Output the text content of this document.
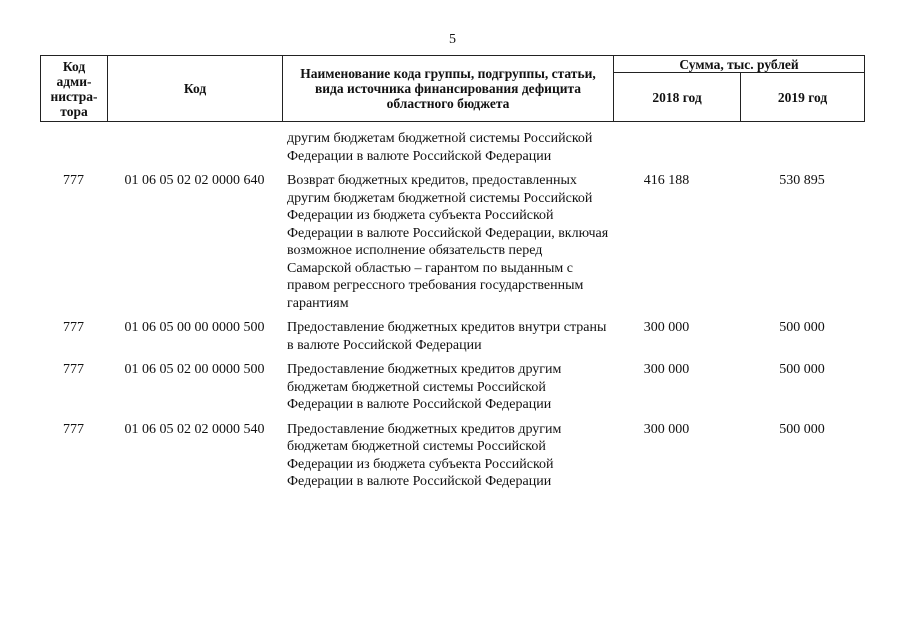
5
Код
адми-
нистра-
тора	Код	Наименование кода группы, подгруппы, статьи, вида источника финансирования дефицита областного бюджета	Сумма, тыс. рублей	
			2018 год	2019 год
		другим бюджетам бюджетной системы Российской Федерации в валюте Российской Федерации		

777	01 06 05 02 02 0000 640	Возврат бюджетных кредитов, предоставленных другим бюджетам бюджетной системы Российской Федерации из бюджета субъекта Российской Федерации в валюте Российской Федерации, включая возможное исполнение обязательств перед Самарской областью – гарантом по выданным с правом регрессного требования государственным гарантиям	416 188	530 895

777	01 06 05 00 00 0000 500	Предоставление бюджетных кредитов внутри страны в валюте Российской Федерации	300 000	500 000

777	01 06 05 02 00 0000 500	Предоставление бюджетных кредитов другим бюджетам бюджетной системы Российской Федерации в валюте Российской Федерации	300 000	500 000

777	01 06 05 02 02 0000 540	Предоставление бюджетных кредитов другим бюджетам бюджетной системы Российской Федерации из бюджета субъекта Российской Федерации в валюте Российской Федерации	300 000	500 000
